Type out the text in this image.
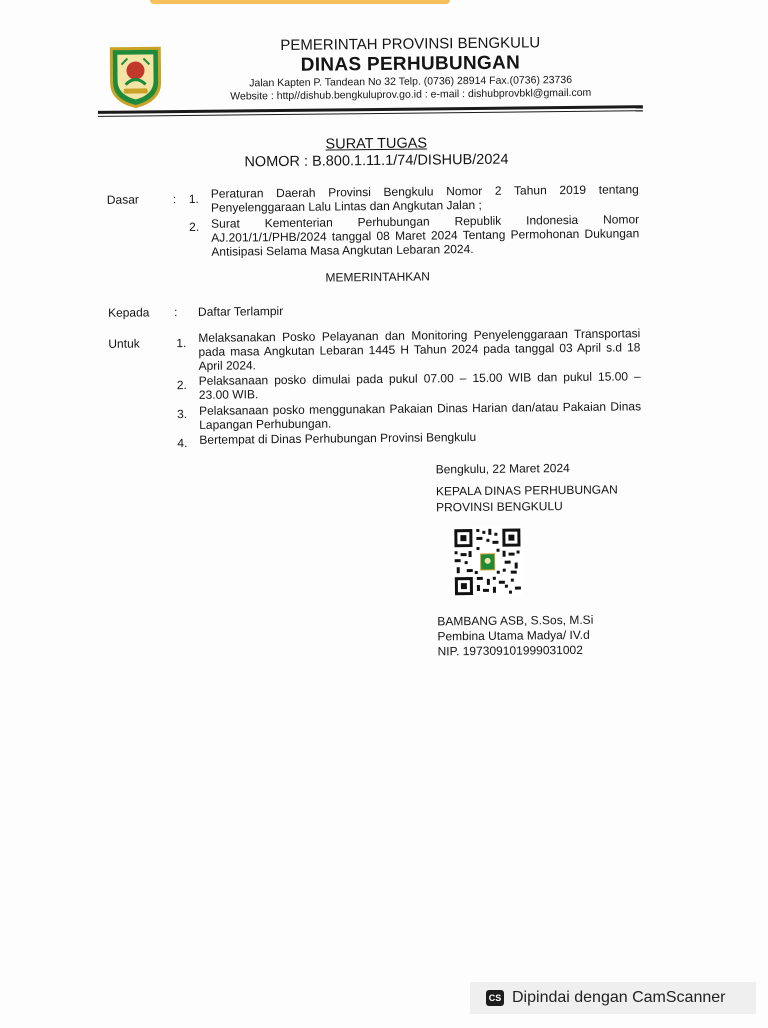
PEMERINTAH PROVINSI BENGKULU
DINAS PERHUBUNGAN
Jalan Kapten P. Tandean No 32 Telp. (0736) 28914 Fax.(0736) 23736
Website : http//dishub.bengkuluprov.go.id : e-mail : dishubprovbkl@gmail.com
SURAT TUGAS
NOMOR : B.800.1.11.1/74/DISHUB/2024
Dasar	: 1. Peraturan Daerah Provinsi Bengkulu Nomor 2 Tahun 2019 tentang Penyelenggaraan Lalu Lintas dan Angkutan Jalan ;
2. Surat Kementerian Perhubungan Republik Indonesia Nomor AJ.201/1/1/PHB/2024 tanggal 08 Maret 2024 Tentang Permohonan Dukungan Antisipasi Selama Masa Angkutan Lebaran 2024.
MEMERINTAHKAN
Kepada : Daftar Terlampir
Untuk	1. Melaksanakan Posko Pelayanan dan Monitoring Penyelenggaraan Transportasi pada masa Angkutan Lebaran 1445 H Tahun 2024 pada tanggal 03 April s.d 18 April 2024.
2. Pelaksanaan posko dimulai pada pukul 07.00 – 15.00 WIB dan pukul 15.00 – 23.00 WIB.
3. Pelaksanaan posko menggunakan Pakaian Dinas Harian dan/atau Pakaian Dinas Lapangan Perhubungan.
4. Bertempat di Dinas Perhubungan Provinsi Bengkulu
Bengkulu, 22 Maret 2024
KEPALA DINAS PERHUBUNGAN
PROVINSI BENGKULU
BAMBANG ASB, S.Sos, M.Si
Pembina Utama Madya/ IV.d
NIP. 197309101999031002
CS Dipindai dengan CamScanner
